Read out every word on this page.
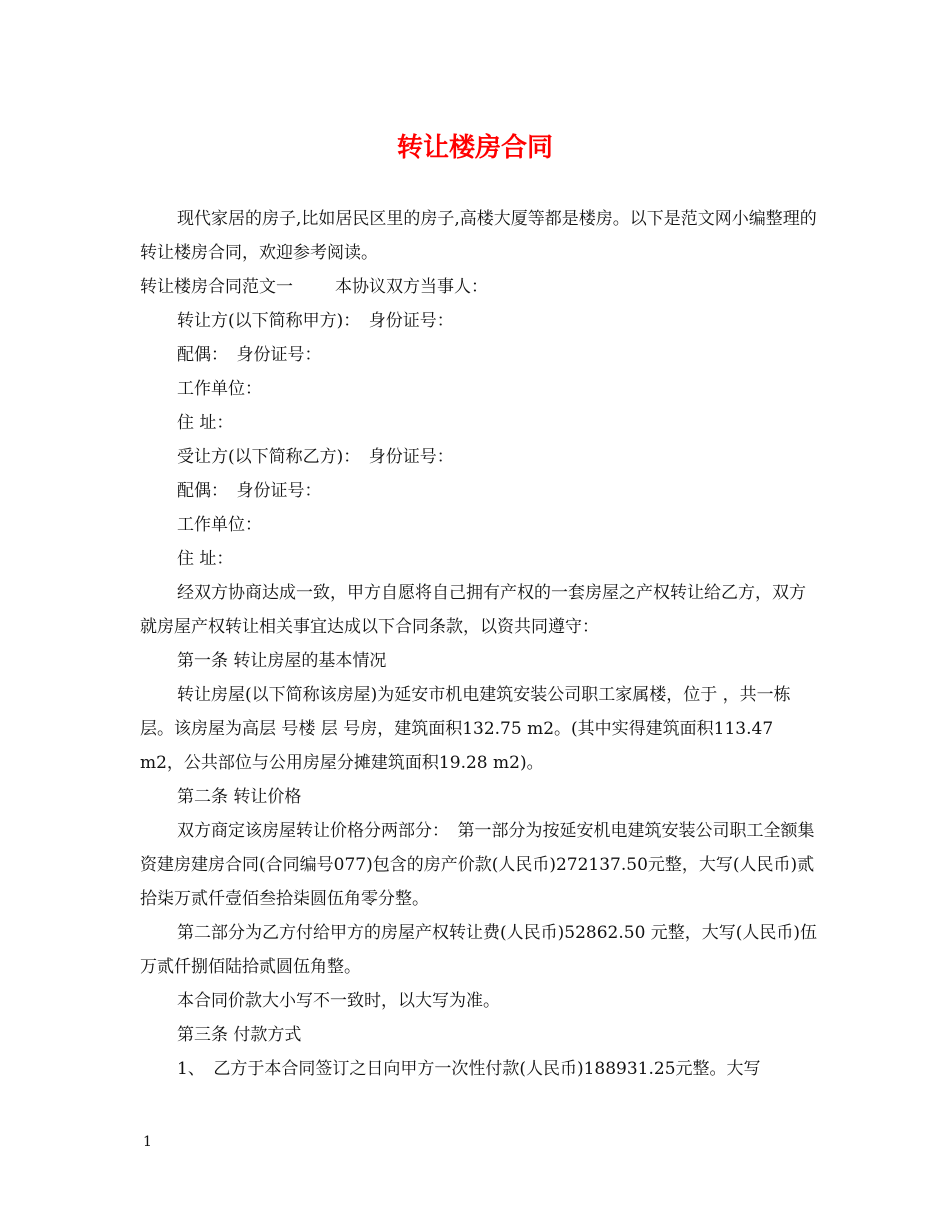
转让楼房合同

现代家居的房子,比如居民区里的房子,高楼大厦等都是楼房。以下是范文网小编整理的转让楼房合同，欢迎参考阅读。

转让楼房合同范文一 本协议双方当事人：

转让方(以下简称甲方)：　身份证号：

配偶：　身份证号：

工作单位：

住 址：

受让方(以下简称乙方)：　身份证号：

配偶：　身份证号：

工作单位：

住 址：

经双方协商达成一致，甲方自愿将自己拥有产权的一套房屋之产权转让给乙方，双方就房屋产权转让相关事宜达成以下合同条款，以资共同遵守：

第一条 转让房屋的基本情况

转让房屋(以下简称该房屋)为延安市机电建筑安装公司职工家属楼，位于 ，共一栋 层。该房屋为高层 号楼 层 号房，建筑面积132.75 m2。(其中实得建筑面积113.47 m2，公共部位与公用房屋分摊建筑面积19.28 m2)。

第二条 转让价格

双方商定该房屋转让价格分两部分：　第一部分为按延安机电建筑安装公司职工全额集资建房建房合同(合同编号077)包含的房产价款(人民币)272137.50元整，大写(人民币)贰拾柒万贰仟壹佰叁拾柒圆伍角零分整。

第二部分为乙方付给甲方的房屋产权转让费(人民币)52862.50 元整，大写(人民币)伍万贰仟捌佰陆拾贰圆伍角整。

本合同价款大小写不一致时，以大写为准。

第三条 付款方式

1、　乙方于本合同签订之日向甲方一次性付款(人民币)188931.25元整。大写

1
